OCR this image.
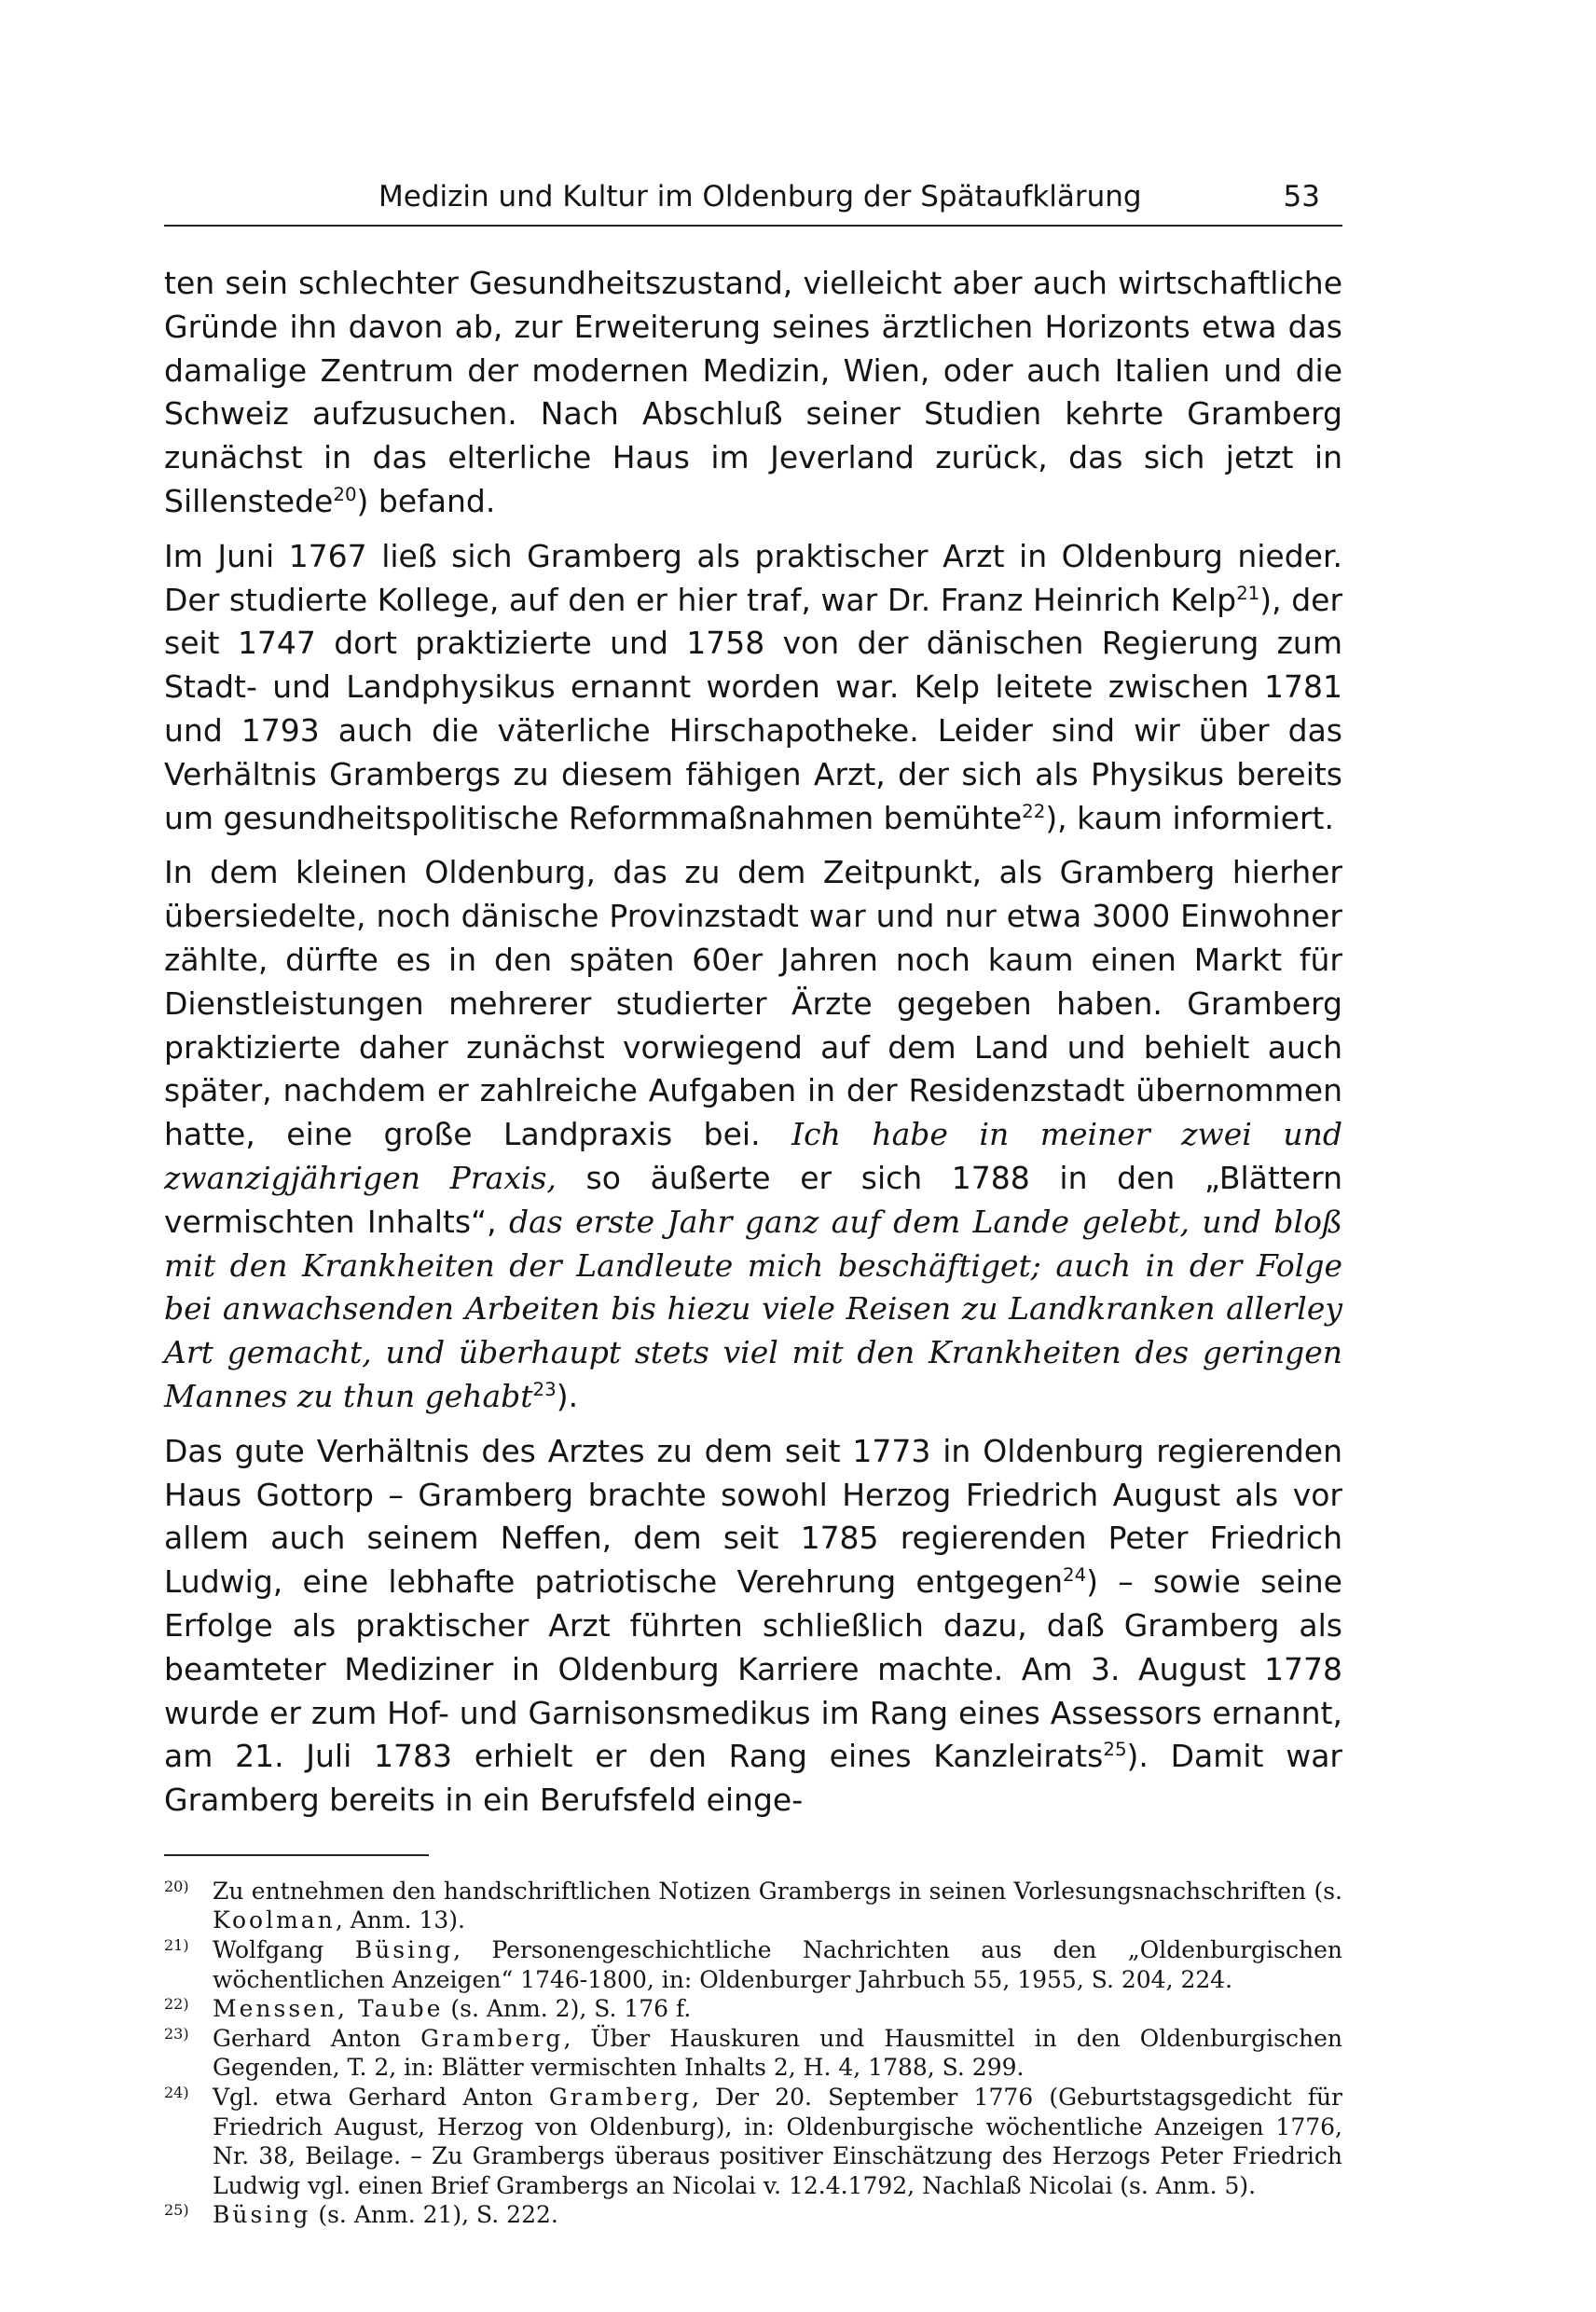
Medizin und Kultur im Oldenburg der Spätaufklärung	53

ten sein schlechter Gesundheitszustand, vielleicht aber auch wirtschaftliche Gründe ihn davon ab, zur Erweiterung seines ärztlichen Horizonts etwa das damalige Zentrum der modernen Medizin, Wien, oder auch Italien und die Schweiz aufzusuchen. Nach Abschluß seiner Studien kehrte Gramberg zunächst in das elterliche Haus im Jeverland zurück, das sich jetzt in Sillenstede$^{20}$) befand.

Im Juni 1767 ließ sich Gramberg als praktischer Arzt in Oldenburg nieder. Der studierte Kollege, auf den er hier traf, war Dr. Franz Heinrich Kelp$^{21}$), der seit 1747 dort praktizierte und 1758 von der dänischen Regierung zum Stadt- und Landphysikus ernannt worden war. Kelp leitete zwischen 1781 und 1793 auch die väterliche Hirschapotheke. Leider sind wir über das Verhältnis Grambergs zu diesem fähigen Arzt, der sich als Physikus bereits um gesundheitspolitische Reformmaßnahmen bemühte$^{22}$), kaum informiert.

In dem kleinen Oldenburg, das zu dem Zeitpunkt, als Gramberg hierher übersiedelte, noch dänische Provinzstadt war und nur etwa 3000 Einwohner zählte, dürfte es in den späten 60er Jahren noch kaum einen Markt für Dienstleistungen mehrerer studierter Ärzte gegeben haben. Gramberg praktizierte daher zunächst vorwiegend auf dem Land und behielt auch später, nachdem er zahlreiche Aufgaben in der Residenzstadt übernommen hatte, eine große Landpraxis bei. Ich habe in meiner zwei und zwanzigjährigen Praxis, so äußerte er sich 1788 in den „Blättern vermischten Inhalts“, das erste Jahr ganz auf dem Lande gelebt, und bloß mit den Krankheiten der Landleute mich beschäftiget; auch in der Folge bei anwachsenden Arbeiten bis hiezu viele Reisen zu Landkranken allerley Art gemacht, und überhaupt stets viel mit den Krankheiten des geringen Mannes zu thun gehabt$^{23}$).

Das gute Verhältnis des Arztes zu dem seit 1773 in Oldenburg regierenden Haus Gottorp – Gramberg brachte sowohl Herzog Friedrich August als vor allem auch seinem Neffen, dem seit 1785 regierenden Peter Friedrich Ludwig, eine lebhafte patriotische Verehrung entgegen$^{24}$) – sowie seine Erfolge als praktischer Arzt führten schließlich dazu, daß Gramberg als beamteter Mediziner in Oldenburg Karriere machte. Am 3. August 1778 wurde er zum Hof- und Garnisonsmedikus im Rang eines Assessors ernannt, am 21. Juli 1783 erhielt er den Rang eines Kanzleirats$^{25}$). Damit war Gramberg bereits in ein Berufsfeld einge-

20) Zu entnehmen den handschriftlichen Notizen Grambergs in seinen Vorlesungsnachschriften (s. Koolman, Anm. 13).
21) Wolfgang Büsing, Personengeschichtliche Nachrichten aus den „Oldenburgischen wöchentlichen Anzeigen“ 1746-1800, in: Oldenburger Jahrbuch 55, 1955, S. 204, 224.
22) Menssen, Taube (s. Anm. 2), S. 176 f.
23) Gerhard Anton Gramberg, Über Hauskuren und Hausmittel in den Oldenburgischen Gegenden, T. 2, in: Blätter vermischten Inhalts 2, H. 4, 1788, S. 299.
24) Vgl. etwa Gerhard Anton Gramberg, Der 20. September 1776 (Geburtstagsgedicht für Friedrich August, Herzog von Oldenburg), in: Oldenburgische wöchentliche Anzeigen 1776, Nr. 38, Beilage. – Zu Grambergs überaus positiver Einschätzung des Herzogs Peter Friedrich Ludwig vgl. einen Brief Grambergs an Nicolai v. 12.4.1792, Nachlaß Nicolai (s. Anm. 5).
25) Büsing (s. Anm. 21), S. 222.
